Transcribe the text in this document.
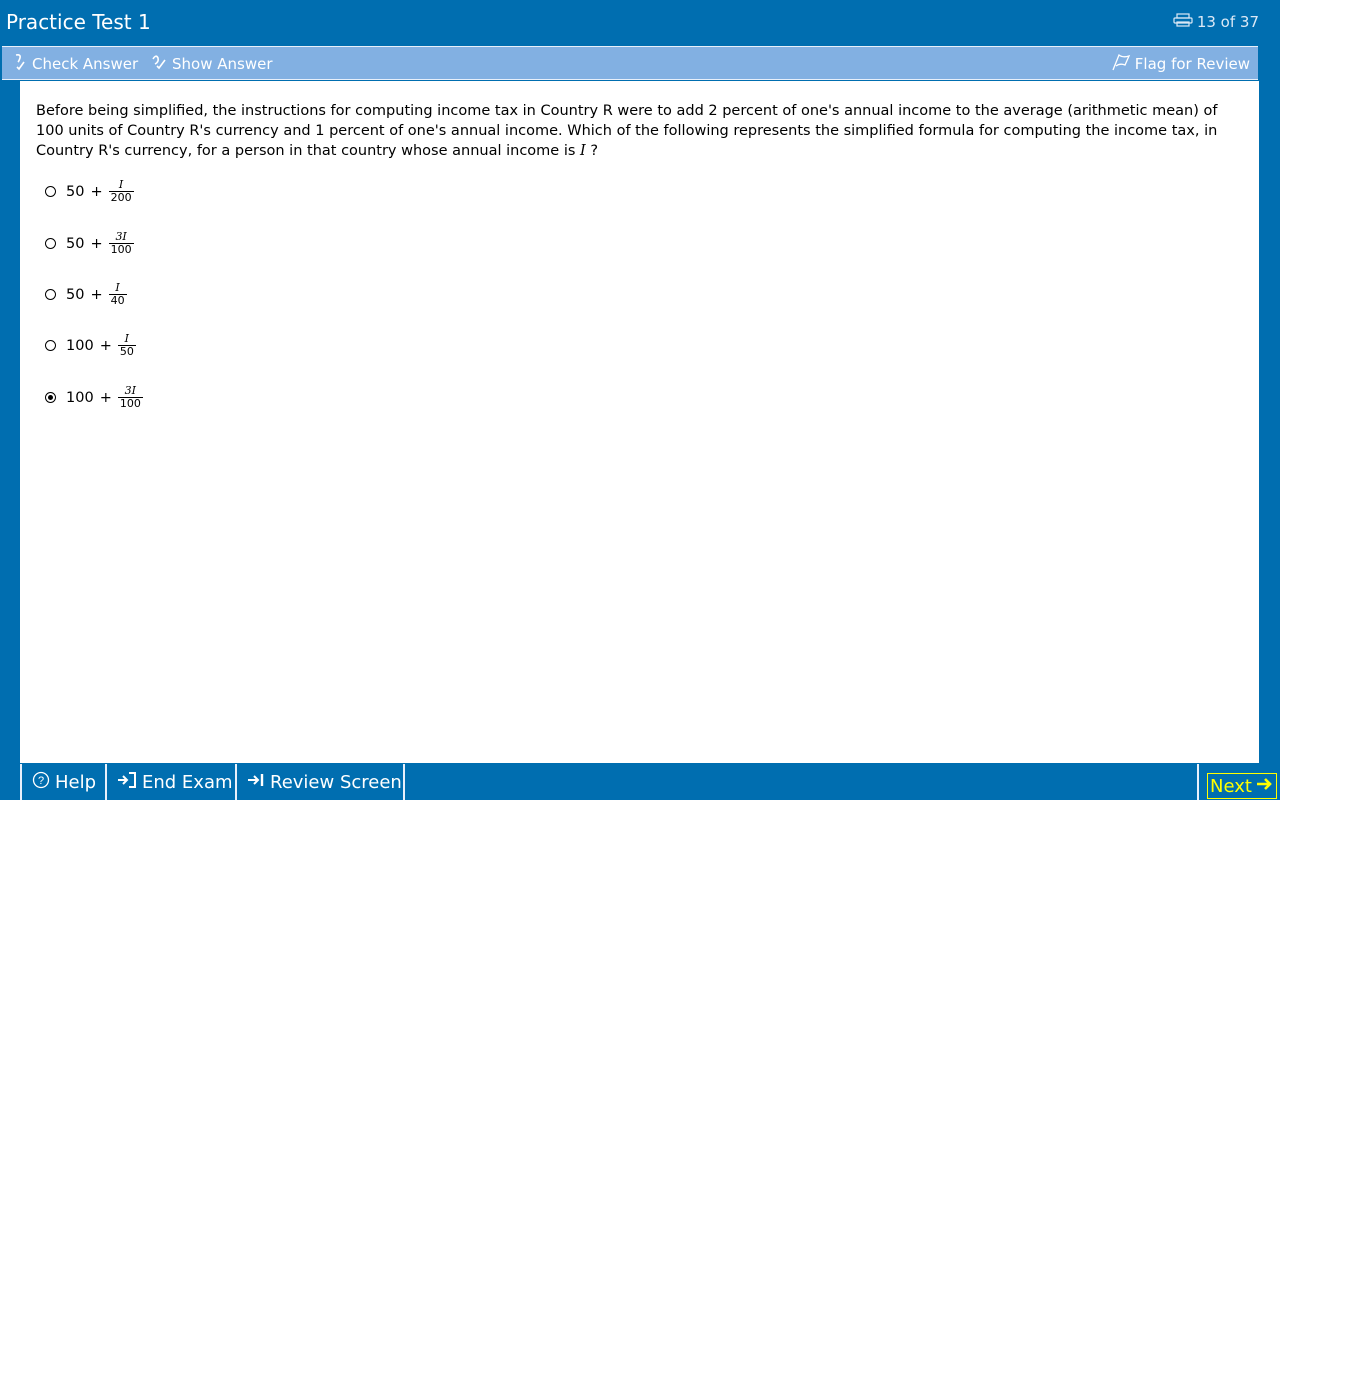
Practice Test 1	13 of 37
Check Answer Show Answer	Flag for Review
Before being simplified, the instructions for computing income tax in Country R were to add 2 percent of one's annual income to the average (arithmetic mean) of 100 units of Country R's currency and 1 percent of one's annual income. Which of the following represents the simplified formula for computing the income tax, in Country R's currency, for a person in that country whose annual income is I ?
$50 + \frac{I}{200}$
$50 + \frac{3I}{100}$
$50 + \frac{I}{40}$
$100 + \frac{I}{50}$
$100 + \frac{3I}{100}$
? Help	End Exam Review Screen	Next
